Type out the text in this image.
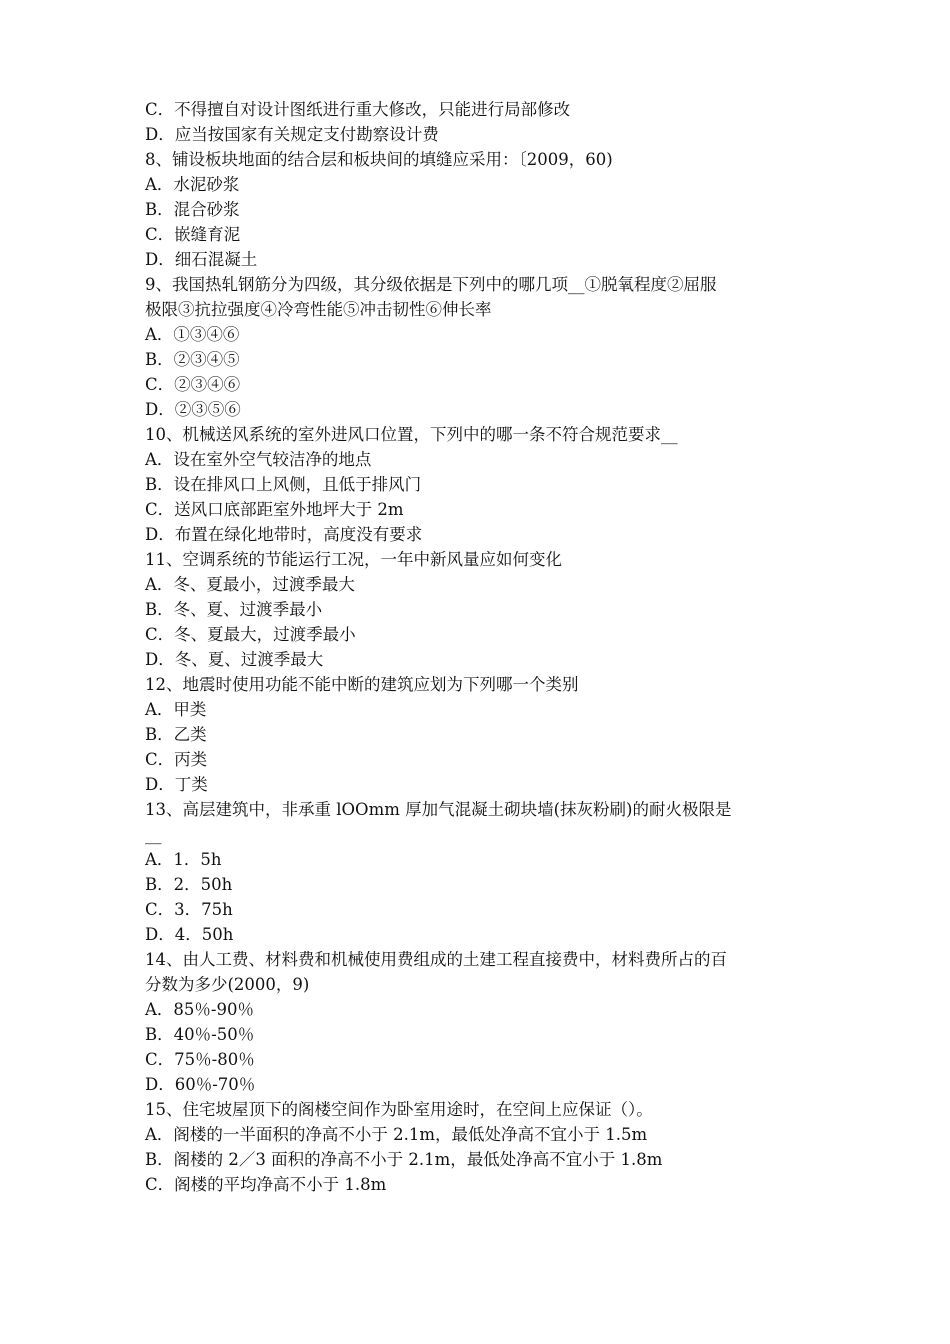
C．不得擅自对设计图纸进行重大修改，只能进行局部修改
D．应当按国家有关规定支付勘察设计费
8、铺设板块地面的结合层和板块间的填缝应采用：〔2009，60)
A．水泥砂浆
B．混合砂浆
C．嵌缝育泥
D．细石混凝土
9、我国热轧钢筋分为四级，其分级依据是下列中的哪几项__①脱氧程度②屈服
极限③抗拉强度④冷弯性能⑤冲击韧性⑥伸长率
A．①③④⑥
B．②③④⑤
C．②③④⑥
D．②③⑤⑥
10、机械送风系统的室外进风口位置，下列中的哪一条不符合规范要求__
A．设在室外空气较洁净的地点
B．设在排风口上风侧，且低于排风门
C．送风口底部距室外地坪大于 2m
D．布置在绿化地带时，高度没有要求
11、空调系统的节能运行工况，一年中新风量应如何变化
A．冬、夏最小，过渡季最大
B．冬、夏、过渡季最小
C．冬、夏最大，过渡季最小
D．冬、夏、过渡季最大
12、地震时使用功能不能中断的建筑应划为下列哪一个类别
A．甲类
B．乙类
C．丙类
D．丁类
13、高层建筑中，非承重 lOOmm 厚加气混凝土砌块墙(抹灰粉刷)的耐火极限是
__
A．1．5h
B．2．50h
C．3．75h
D．4．50h
14、由人工费、材料费和机械使用费组成的土建工程直接费中，材料费所占的百
分数为多少(2000，9)
A．85％-90％
B．40％-50％
C．75％-80％
D．60％-70％
15、住宅坡屋顶下的阁楼空间作为卧室用途时，在空间上应保证（）。
A．阁楼的一半面积的净高不小于 2.1m，最低处净高不宜小于 1.5m
B．阁楼的 2／3 面积的净高不小于 2.1m，最低处净高不宜小于 1.8m
C．阁楼的平均净高不小于 1.8m
